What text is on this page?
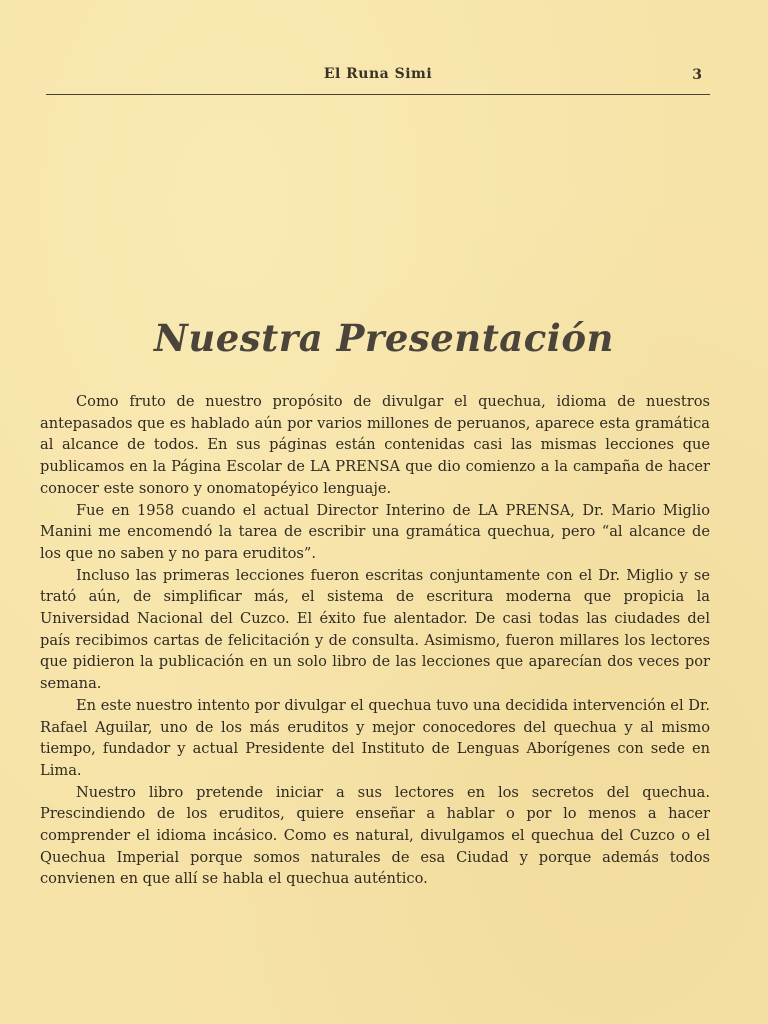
El Runa Simi	3
Nuestra Presentación

Como fruto de nuestro propósito de divulgar el quechua, idioma de nuestros antepasados que es hablado aún por varios millones de peruanos, aparece esta gramática al alcance de todos. En sus páginas están contenidas casi las mismas lecciones que publicamos en la Página Escolar de LA PRENSA que dio comienzo a la campaña de hacer conocer este sonoro y onomatopéyico lenguaje.

Fue en 1958 cuando el actual Director Interino de LA PRENSA, Dr. Mario Miglio Manini me encomendó la tarea de escribir una gramática quechua, pero “al alcance de los que no saben y no para eruditos”.

Incluso las primeras lecciones fueron escritas conjuntamente con el Dr. Miglio y se trató aún, de simplificar más, el sistema de escritura moderna que propicia la Universidad Nacional del Cuzco. El éxito fue alentador. De casi todas las ciudades del país recibimos cartas de felicitación y de consulta. Asimismo, fueron millares los lectores que pidieron la publicación en un solo libro de las lecciones que aparecían dos veces por semana.

En este nuestro intento por divulgar el quechua tuvo una decidida intervención el Dr. Rafael Aguilar, uno de los más eruditos y mejor conocedores del quechua y al mismo tiempo, fundador y actual Presidente del Instituto de Lenguas Aborígenes con sede en Lima.

Nuestro libro pretende iniciar a sus lectores en los secretos del quechua. Prescindiendo de los eruditos, quiere enseñar a hablar o por lo menos a hacer comprender el idioma incásico. Como es natural, divulgamos el quechua del Cuzco o el Quechua Imperial porque somos naturales de esa Ciudad y porque además todos convienen en que allí se habla el quechua auténtico.
